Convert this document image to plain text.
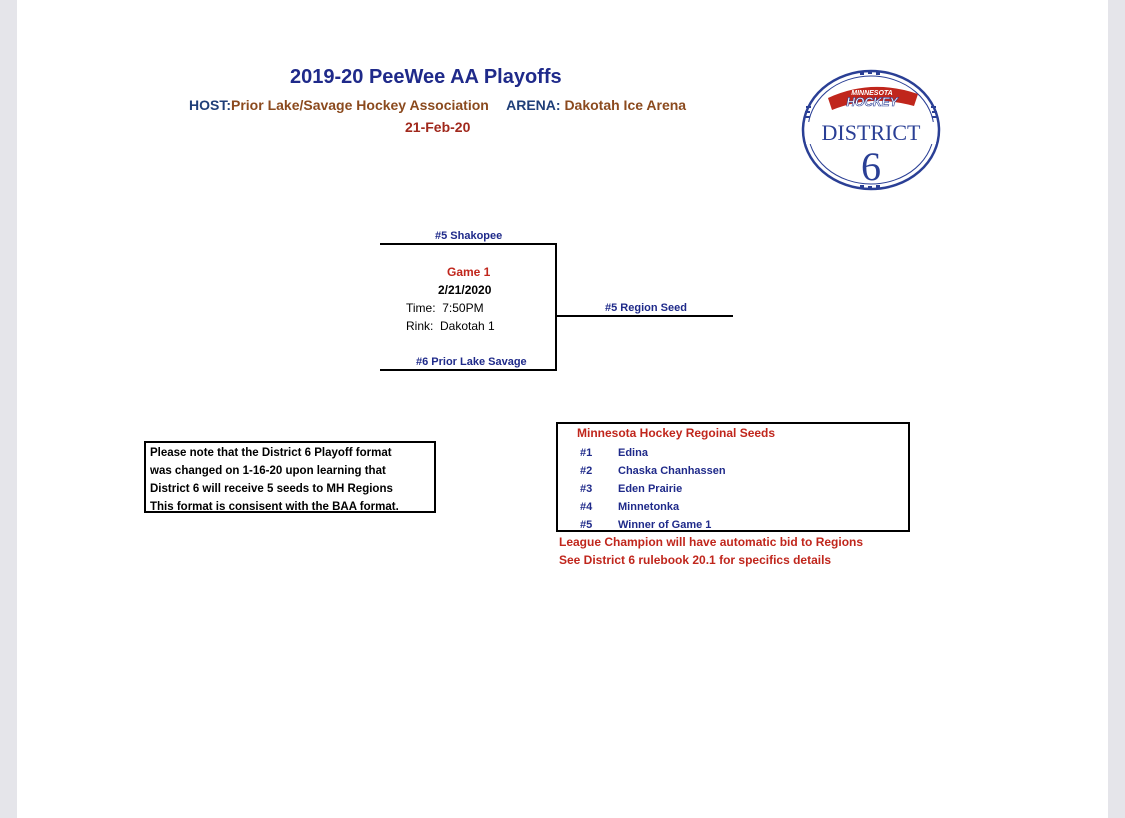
2019-20 PeeWee AA Playoffs
HOST:Prior Lake/Savage Hockey Association ARENA: Dakotah Ice Arena
21-Feb-20
MINNESOTA
HOCKEY
DISTRICT
6
#5 Shakopee
#5 Region Seed
#6 Prior Lake Savage
Game 1
2/21/2020
Time: 7:50PM
Rink: Dakotah 1
Please note that the District 6 Playoff format
was changed on 1-16-20 upon learning that
District 6 will receive 5 seeds to MH Regions
This format is consisent with the BAA format.
Minnesota Hockey Regoinal Seeds
#1 Edina
#2 Chaska Chanhassen
#3 Eden Prairie
#4 Minnetonka
#5 Winner of Game 1
League Champion will have automatic bid to Regions
See District 6 rulebook 20.1 for specifics details
